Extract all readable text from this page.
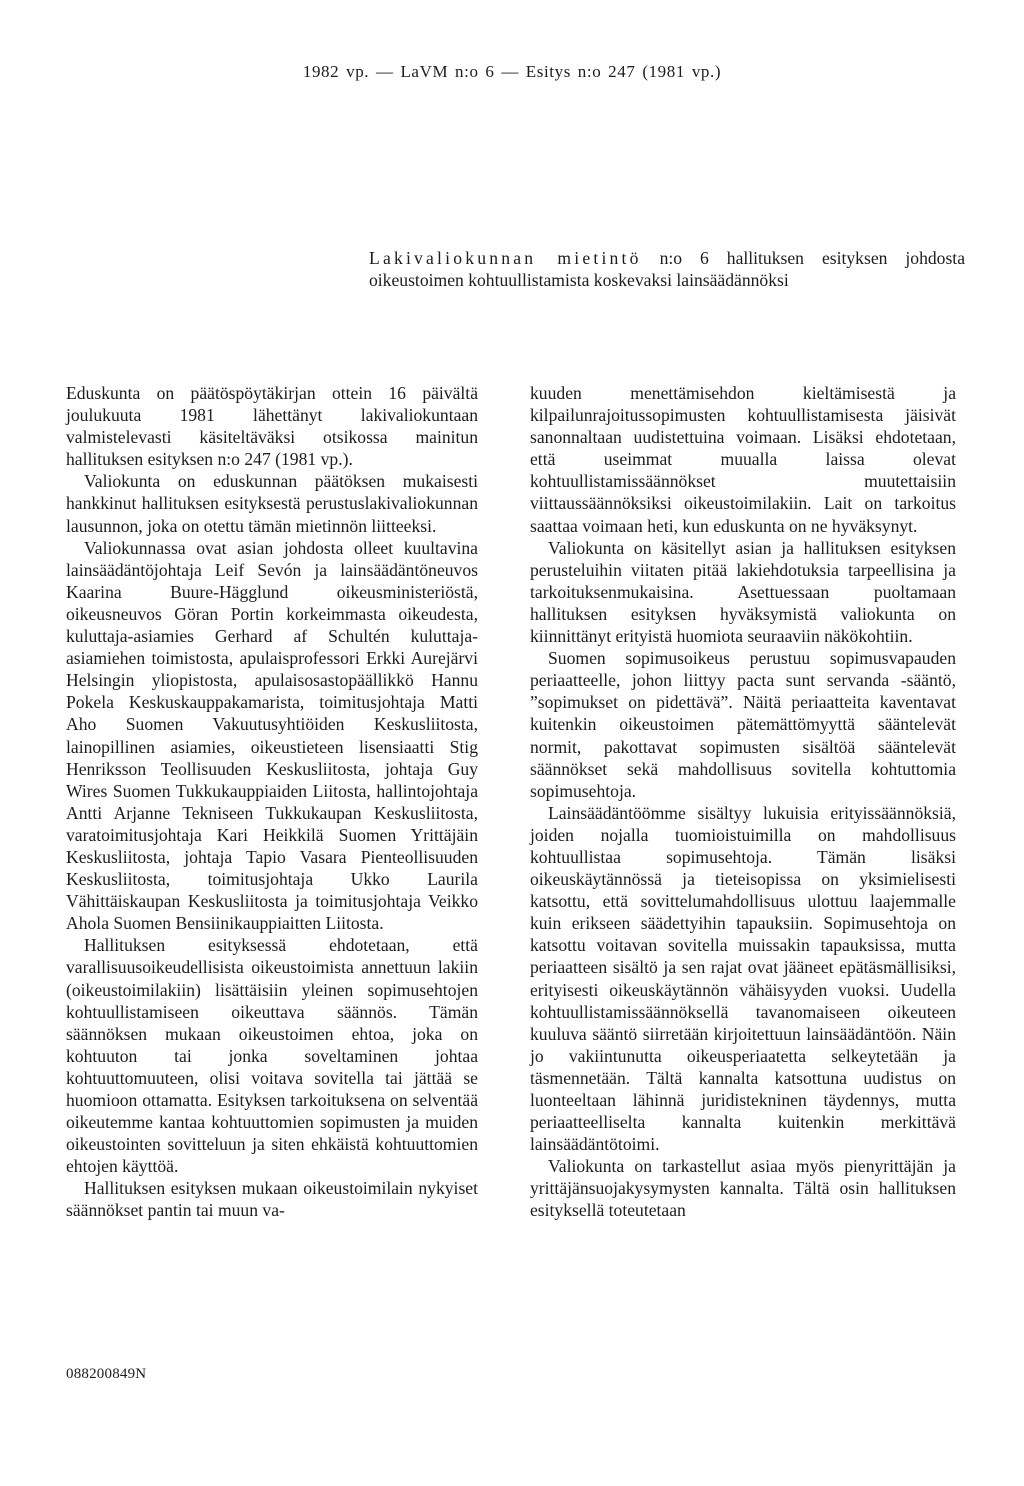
1982 vp. — LaVM n:o 6 — Esitys n:o 247 (1981 vp.)
Lakivaliokunnan mietintö n:o 6 hallituksen esityksen johdosta oikeustoimen kohtuullistamista koskevaksi lainsäädännöksi

Eduskunta on päätöspöytäkirjan ottein 16 päivältä joulukuuta 1981 lähettänyt lakivaliokuntaan valmistelevasti käsiteltäväksi otsikossa mainitun hallituksen esityksen n:o 247 (1981 vp.).

Valiokunta on eduskunnan päätöksen mukaisesti hankkinut hallituksen esityksestä perustuslakivaliokunnan lausunnon, joka on otettu tämän mietinnön liitteeksi.

Valiokunnassa ovat asian johdosta olleet kuultavina lainsäädäntöjohtaja Leif Sevón ja lainsäädäntöneuvos Kaarina Buure-Hägglund oikeusministeriöstä, oikeusneuvos Göran Portin korkeimmasta oikeudesta, kuluttaja-asiamies Gerhard af Schultén kuluttaja-asiamiehen toimistosta, apulaisprofessori Erkki Aurejärvi Helsingin yliopistosta, apulaisosastopäällikkö Hannu Pokela Keskuskauppakamarista, toimitusjohtaja Matti Aho Suomen Vakuutusyhtiöiden Keskusliitosta, lainopillinen asiamies, oikeustieteen lisensiaatti Stig Henriksson Teollisuuden Keskusliitosta, johtaja Guy Wires Suomen Tukkukauppiaiden Liitosta, hallintojohtaja Antti Arjanne Tekniseen Tukkukaupan Keskusliitosta, varatoimitusjohtaja Kari Heikkilä Suomen Yrittäjäin Keskusliitosta, johtaja Tapio Vasara Pienteollisuuden Keskusliitosta, toimitusjohtaja Ukko Laurila Vähittäiskaupan Keskusliitosta ja toimitusjohtaja Veikko Ahola Suomen Bensiinikauppiaitten Liitosta.

Hallituksen esityksessä ehdotetaan, että varallisuusoikeudellisista oikeustoimista annettuun lakiin (oikeustoimilakiin) lisättäisiin yleinen sopimusehtojen kohtuullistamiseen oikeuttava säännös. Tämän säännöksen mukaan oikeustoimen ehtoa, joka on kohtuuton tai jonka soveltaminen johtaa kohtuuttomuuteen, olisi voitava sovitella tai jättää se huomioon ottamatta. Esityksen tarkoituksena on selventää oikeutemme kantaa kohtuuttomien sopimusten ja muiden oikeustointen sovitteluun ja siten ehkäistä kohtuuttomien ehtojen käyttöä.

Hallituksen esityksen mukaan oikeustoimilain nykyiset säännökset pantin tai muun va-

kuuden menettämisehdon kieltämisestä ja kilpailunrajoitussopimusten kohtuullistamisesta jäisivät sanonnaltaan uudistettuina voimaan. Lisäksi ehdotetaan, että useimmat muualla laissa olevat kohtuullistamissäännökset muutettaisiin viittaussäännöksiksi oikeustoimilakiin. Lait on tarkoitus saattaa voimaan heti, kun eduskunta on ne hyväksynyt.

Valiokunta on käsitellyt asian ja hallituksen esityksen perusteluihin viitaten pitää lakiehdotuksia tarpeellisina ja tarkoituksenmukaisina. Asettuessaan puoltamaan hallituksen esityksen hyväksymistä valiokunta on kiinnittänyt erityistä huomiota seuraaviin näkökohtiin.

Suomen sopimusoikeus perustuu sopimusvapauden periaatteelle, johon liittyy pacta sunt servanda -sääntö, ”sopimukset on pidettävä”. Näitä periaatteita kaventavat kuitenkin oikeustoimen pätemättömyyttä sääntelevät normit, pakottavat sopimusten sisältöä sääntelevät säännökset sekä mahdollisuus sovitella kohtuttomia sopimusehtoja.

Lainsäädäntöömme sisältyy lukuisia erityissäännöksiä, joiden nojalla tuomioistuimilla on mahdollisuus kohtuullistaa sopimusehtoja. Tämän lisäksi oikeuskäytännössä ja tieteisopissa on yksimielisesti katsottu, että sovittelumahdollisuus ulottuu laajemmalle kuin erikseen säädettyihin tapauksiin. Sopimusehtoja on katsottu voitavan sovitella muissakin tapauksissa, mutta periaatteen sisältö ja sen rajat ovat jääneet epätäsmällisiksi, erityisesti oikeuskäytännön vähäisyyden vuoksi. Uudella kohtuullistamissäännöksellä tavanomaiseen oikeuteen kuuluva sääntö siirretään kirjoitettuun lainsäädäntöön. Näin jo vakiintunutta oikeusperiaatetta selkeytetään ja täsmennetään. Tältä kannalta katsottuna uudistus on luonteeltaan lähinnä juridistekninen täydennys, mutta periaatteelliselta kannalta kuitenkin merkittävä lainsäädäntötoimi.

Valiokunta on tarkastellut asiaa myös pienyrittäjän ja yrittäjänsuojakysymysten kannalta. Tältä osin hallituksen esityksellä toteutetaan

088200849N
